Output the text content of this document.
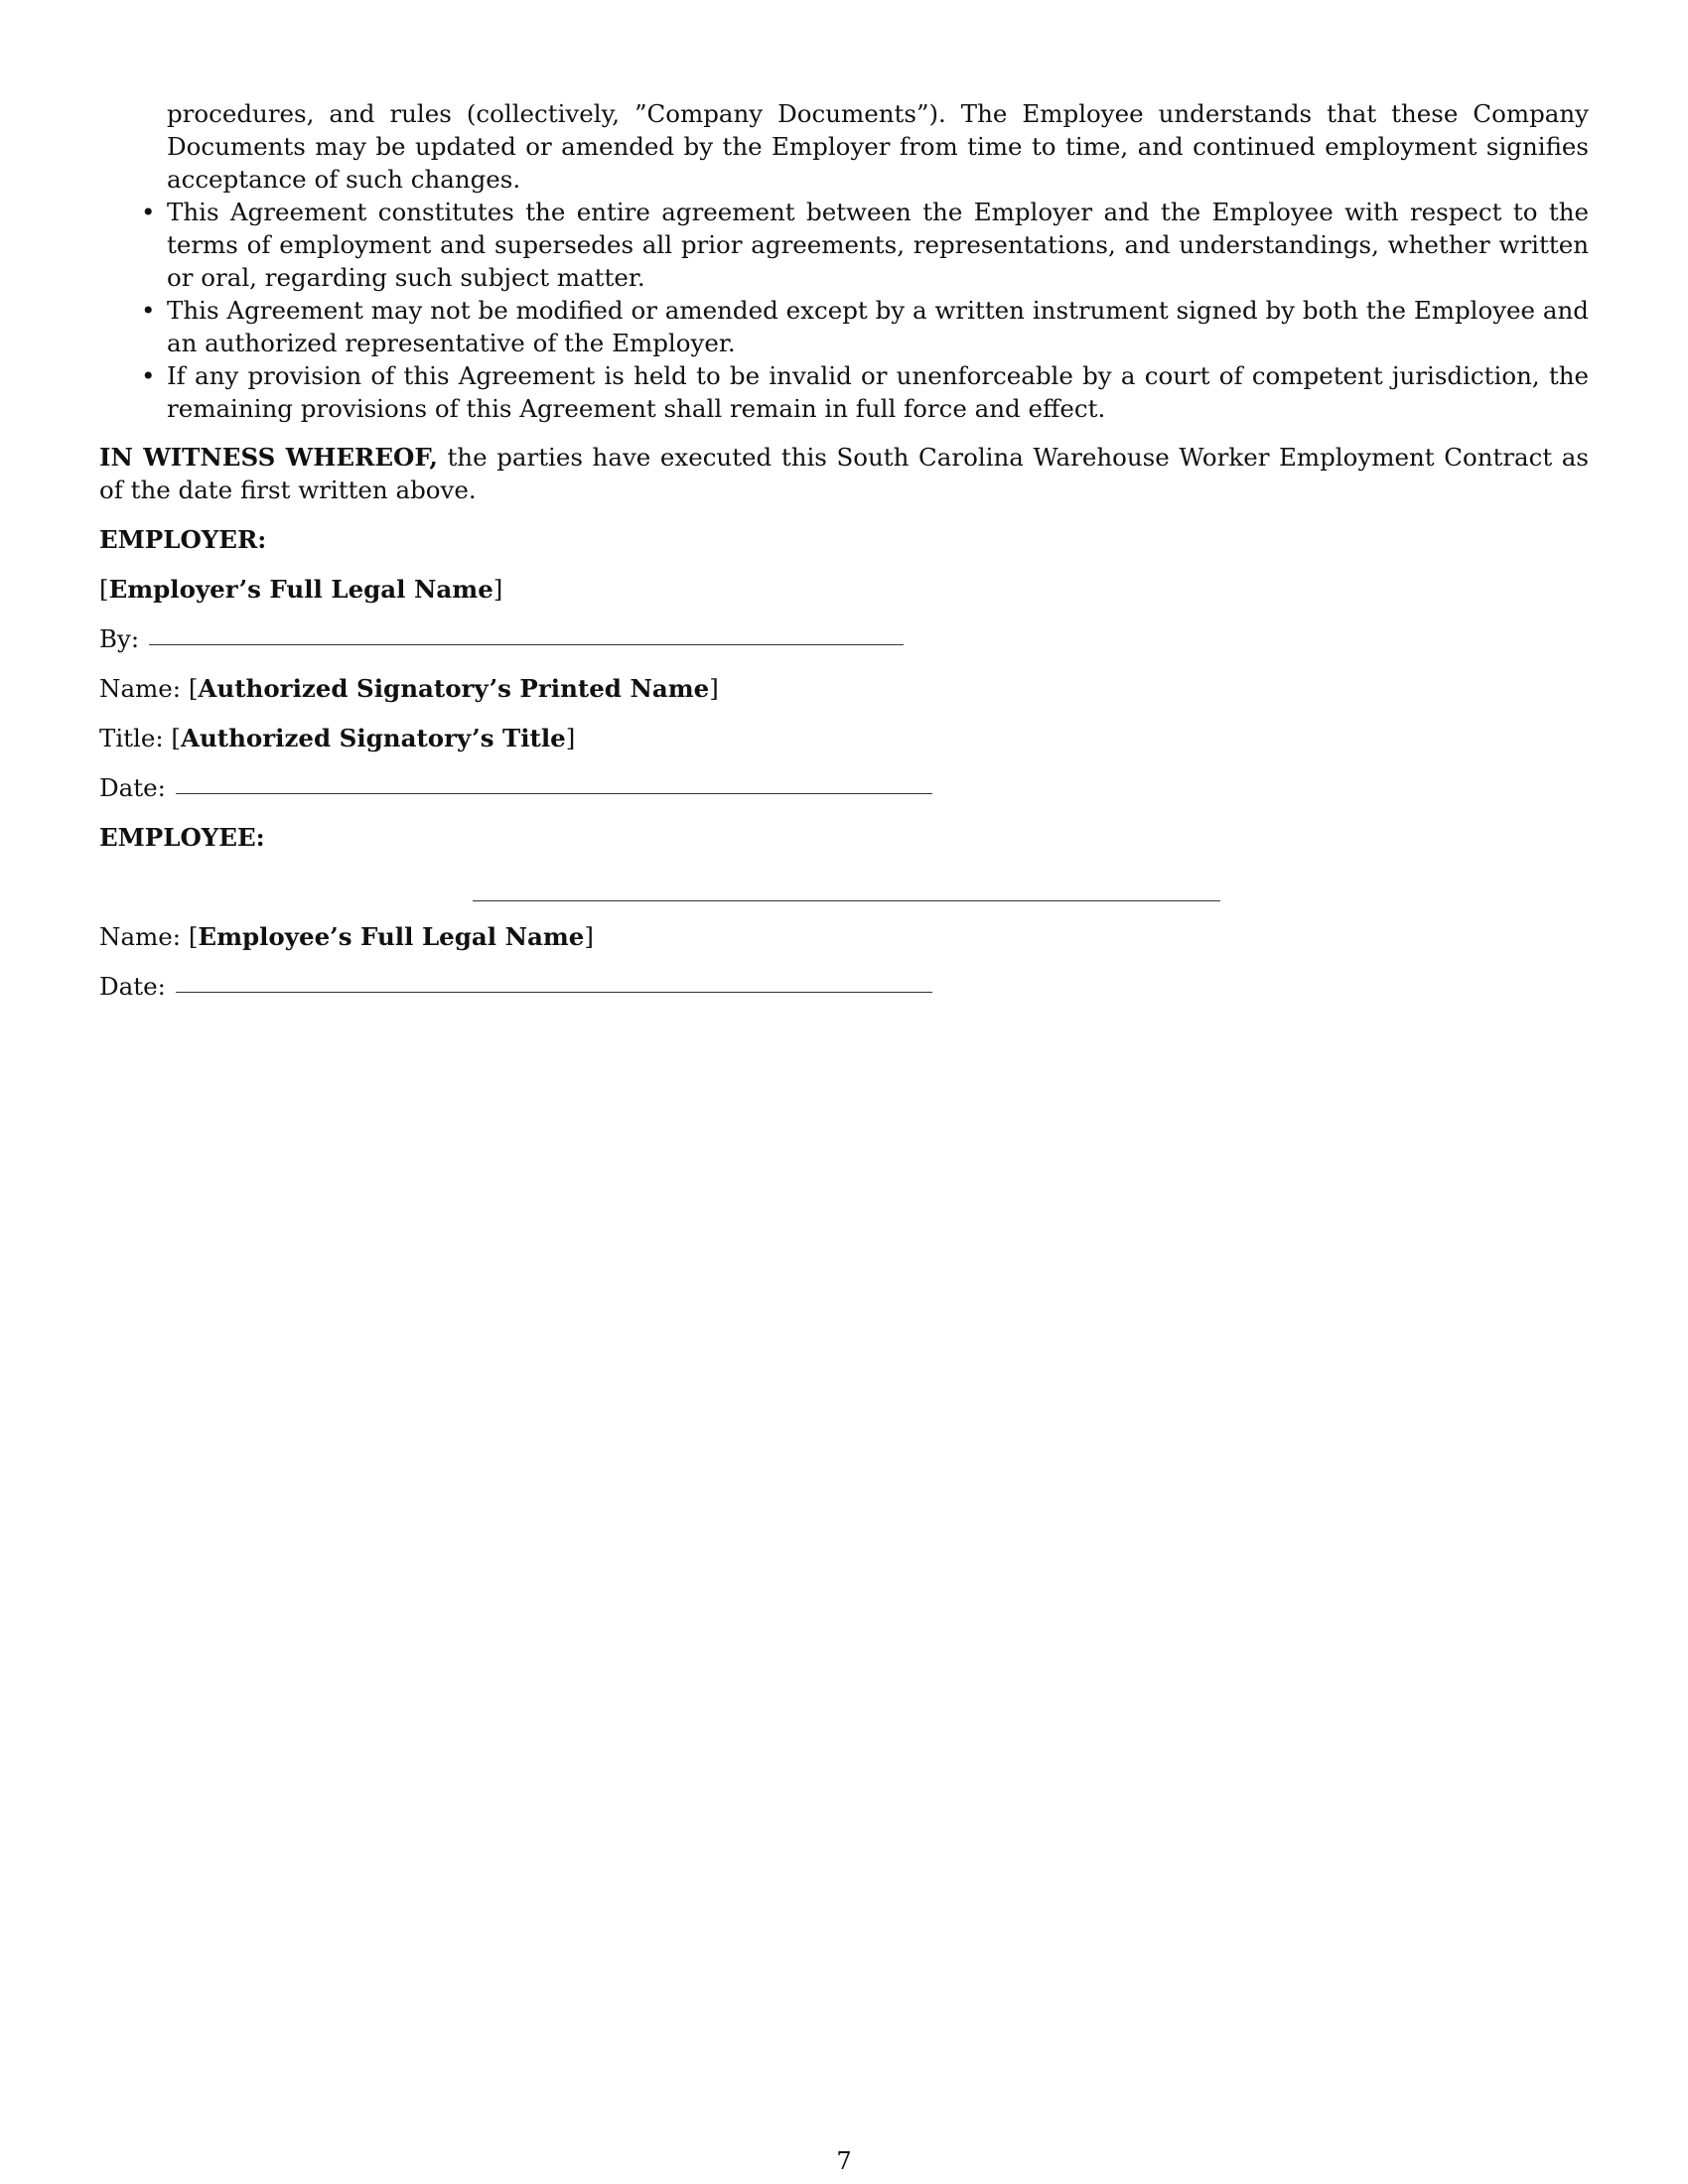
procedures, and rules (collectively, ”Company Documents”). The Employee understands that these Company Documents may be updated or amended by the Employer from time to time, and continued employment signifies acceptance of such changes.

• This Agreement constitutes the entire agreement between the Employer and the Employee with respect to the terms of employment and supersedes all prior agreements, representations, and understandings, whether written or oral, regarding such subject matter.
• This Agreement may not be modified or amended except by a written instrument signed by both the Employee and an authorized representative of the Employer.
• If any provision of this Agreement is held to be invalid or unenforceable by a court of competent jurisdiction, the remaining provisions of this Agreement shall remain in full force and effect.

IN WITNESS WHEREOF, the parties have executed this South Carolina Warehouse Worker Employment Contract as of the date first written above.

EMPLOYER:
[ Employer’s Full Legal Name ]
By:
Name: [ Authorized Signatory’s Printed Name ]
Title: [ Authorized Signatory’s Title ]
Date:
EMPLOYEE:
Name: [ Employee’s Full Legal Name ]
Date:
7
